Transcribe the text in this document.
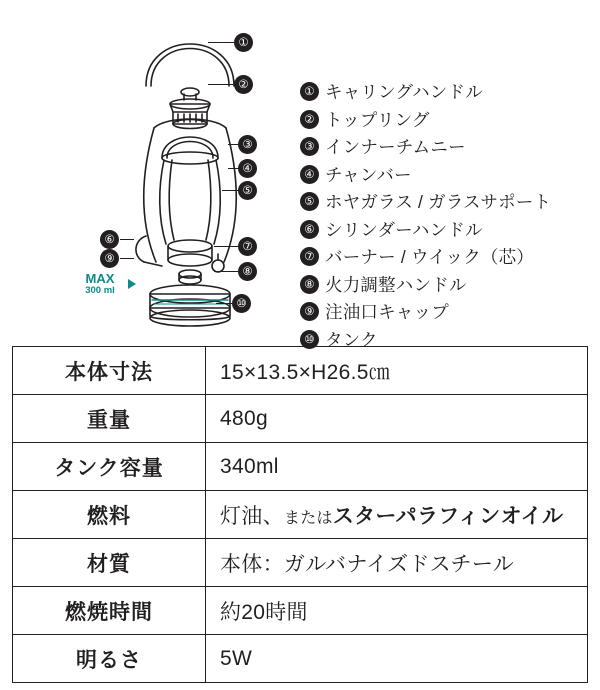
①
②
③
④
⑤
⑥	⑦
⑧
⑨
⑩
MAX
300 ml
① キャリングハンドル
② トップリング
③ インナーチムニー
④ チャンバー
⑤ ホヤガラス / ガラスサポート
⑥ シリンダーハンドル
⑦ バーナー / ウイック（芯）
⑧ 火力調整ハンドル
⑨ 注油口キャップ
⑩ タンク
本体寸法	15×13.5×H26.5㎝
重量	480g
タンク容量	340ml
燃料	灯油、またはスターパラフィンオイル
材質	本体：ガルバナイズドスチール
燃焼時間	約20時間
明るさ	5W
